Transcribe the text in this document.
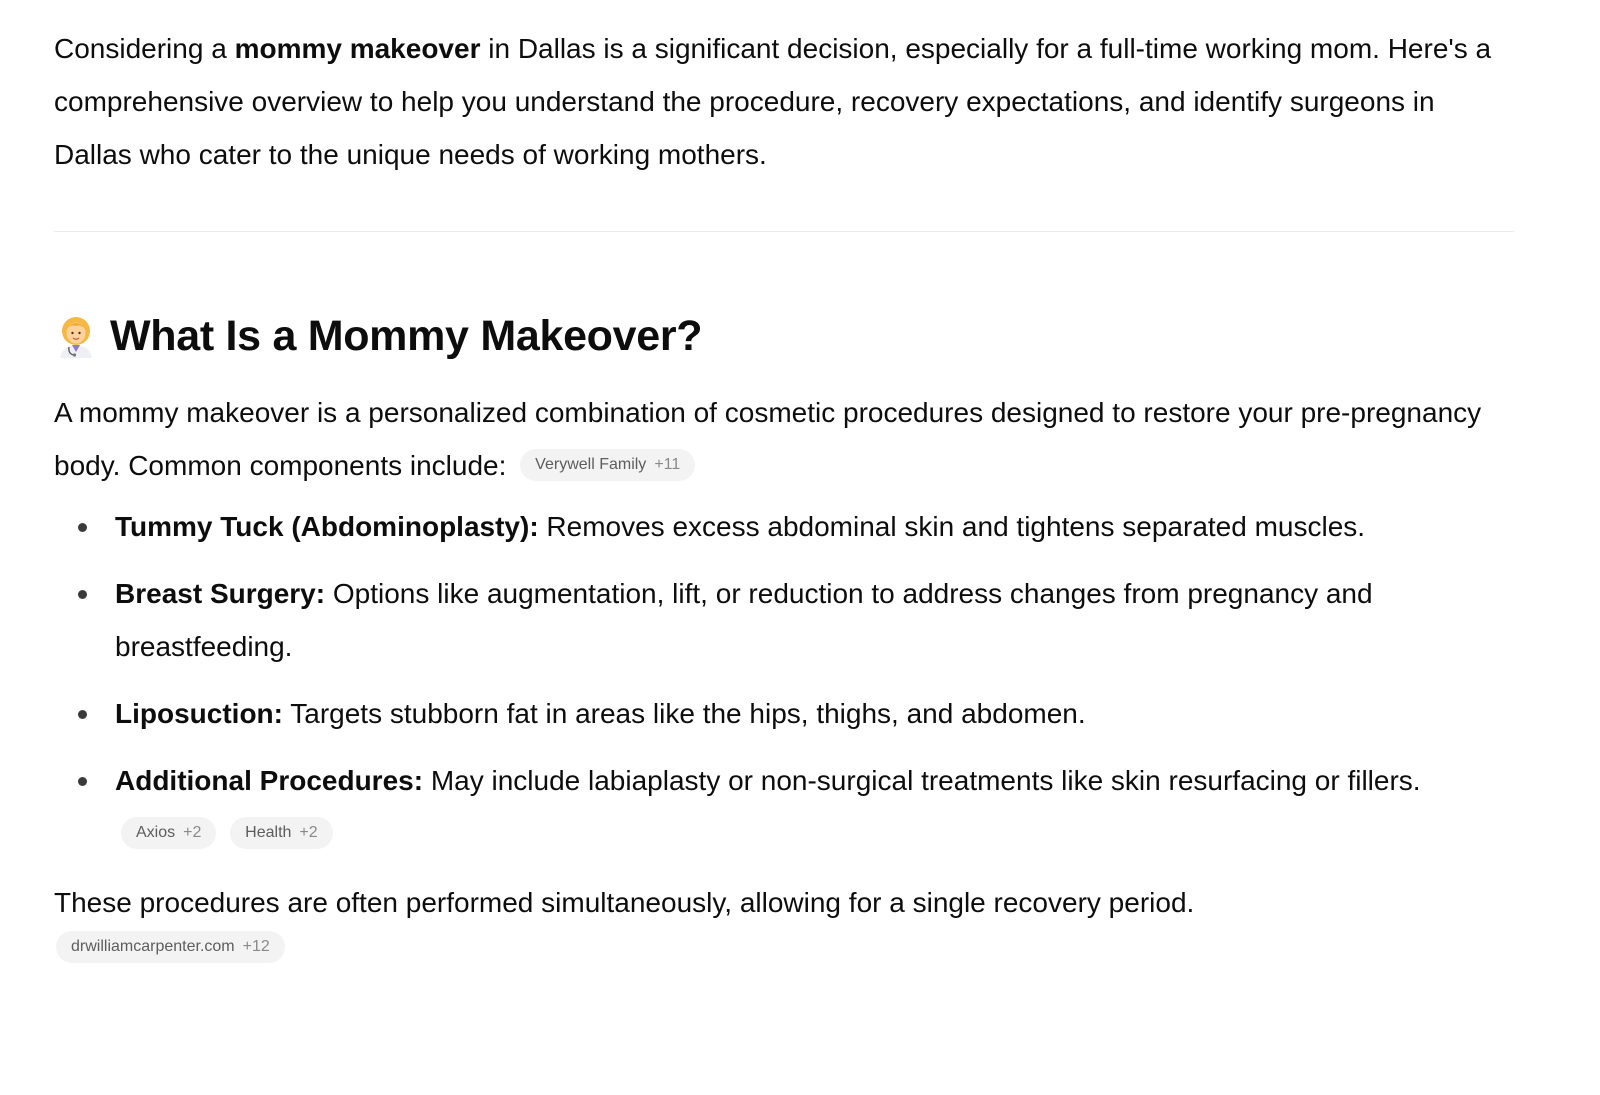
Considering a mommy makeover in Dallas is a significant decision, especially for a full-time working mom. Here's a comprehensive overview to help you understand the procedure, recovery expectations, and identify surgeons in Dallas who cater to the unique needs of working mothers.

What Is a Mommy Makeover?

A mommy makeover is a personalized combination of cosmetic procedures designed to restore your pre-pregnancy body. Common components include: Verywell Family +11

Tummy Tuck (Abdominoplasty): Removes excess abdominal skin and tightens separated muscles.
Breast Surgery: Options like augmentation, lift, or reduction to address changes from pregnancy and breastfeeding.
Liposuction: Targets stubborn fat in areas like the hips, thighs, and abdomen.
Additional Procedures: May include labiaplasty or non-surgical treatments like skin resurfacing or fillers.
Axios +2
	Health +2

These procedures are often performed simultaneously, allowing for a single recovery period.

drwilliamcarpenter.com +12
